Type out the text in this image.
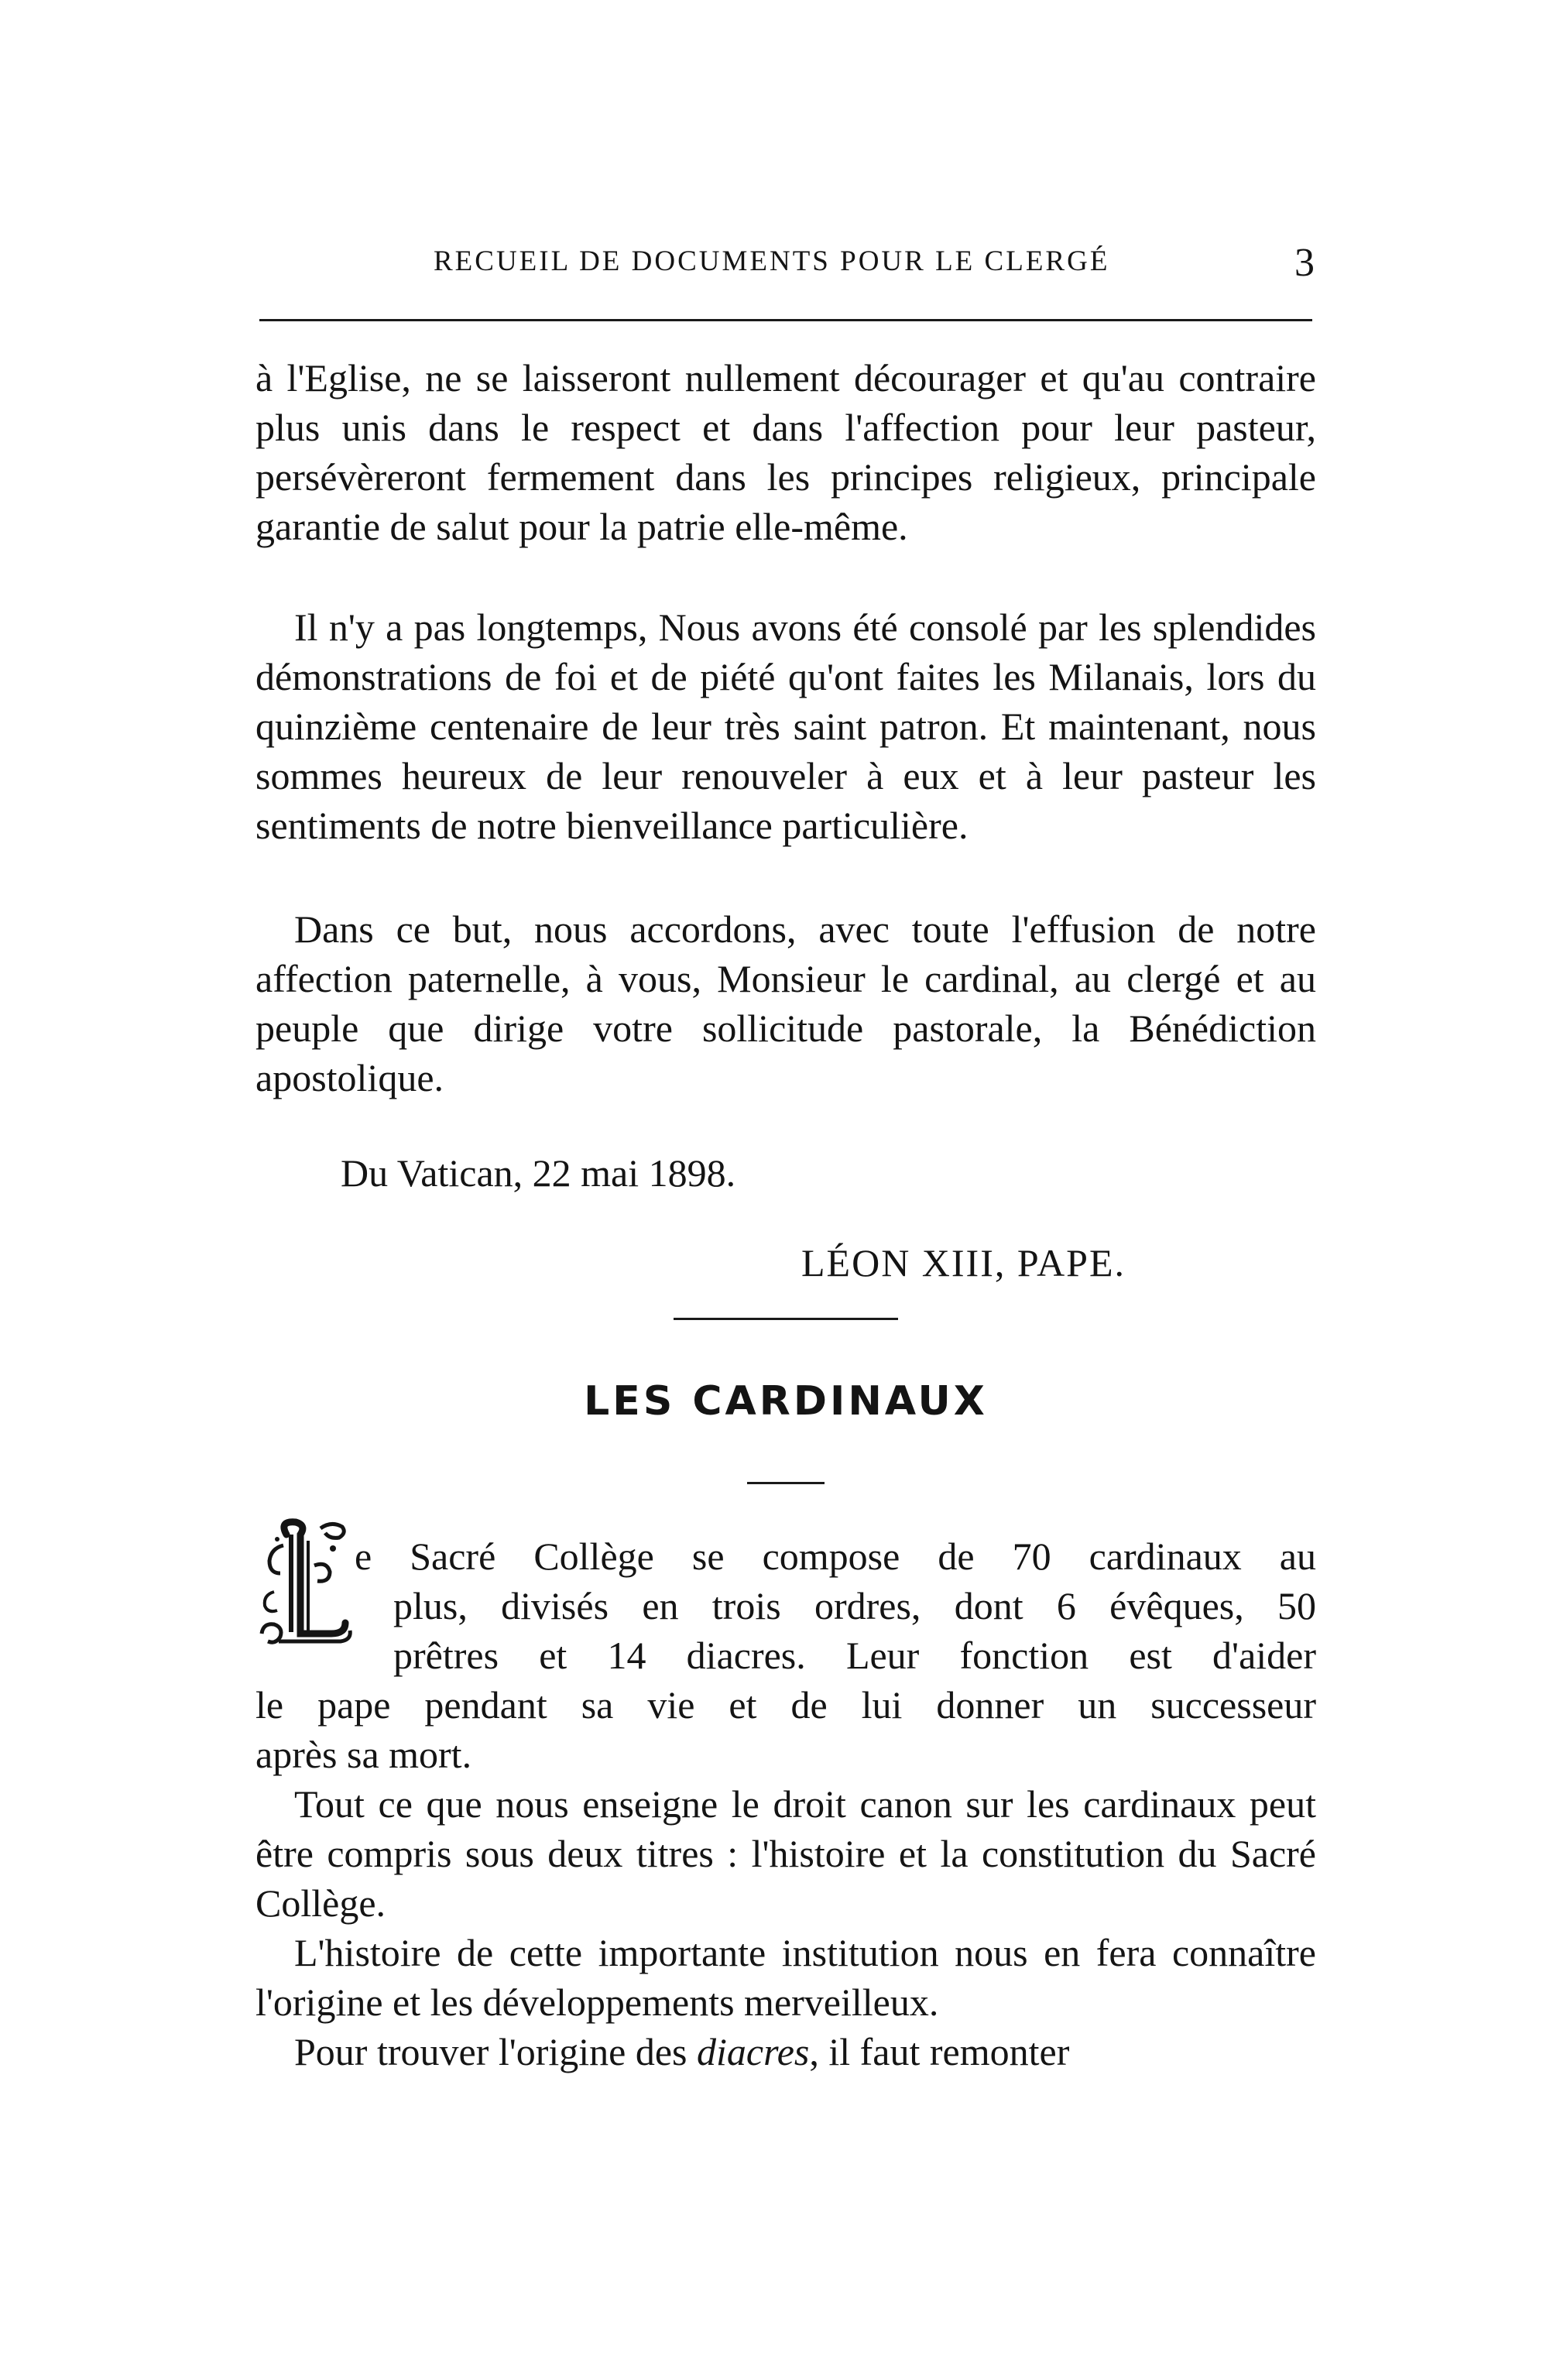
RECUEIL DE DOCUMENTS POUR LE CLERGÉ	3

à l'Eglise, ne se laisseront nullement décourager et qu'au contraire plus unis dans le respect et dans l'affection pour leur pasteur, persévèreront fermement dans les principes religieux, principale garantie de salut pour la patrie elle-même.

Il n'y a pas longtemps, Nous avons été consolé par les splendides démonstrations de foi et de piété qu'ont faites les Milanais, lors du quinzième centenaire de leur très saint patron. Et maintenant, nous sommes heureux de leur renouveler à eux et à leur pasteur les sentiments de notre bienveillance particulière.

Dans ce but, nous accordons, avec toute l'effusion de notre affection paternelle, à vous, Monsieur le cardinal, au clergé et au peuple que dirige votre sollicitude pastorale, la Bénédiction apostolique.

Du Vatican, 22 mai 1898.
LÉON XIII, PAPE.
LES CARDINAUX
e Sacré Collège se compose de 70 cardinaux au
plus, divisés en trois ordres, dont 6 évêques, 50
prêtres et 14 diacres. Leur fonction est d'aider
le pape pendant sa vie et de lui donner un successeur
après sa mort.

Tout ce que nous enseigne le droit canon sur les cardinaux peut être compris sous deux titres : l'histoire et la constitution du Sacré Collège.

L'histoire de cette importante institution nous en fera connaître l'origine et les développements merveilleux.

Pour trouver l'origine des diacres, il faut remonter
